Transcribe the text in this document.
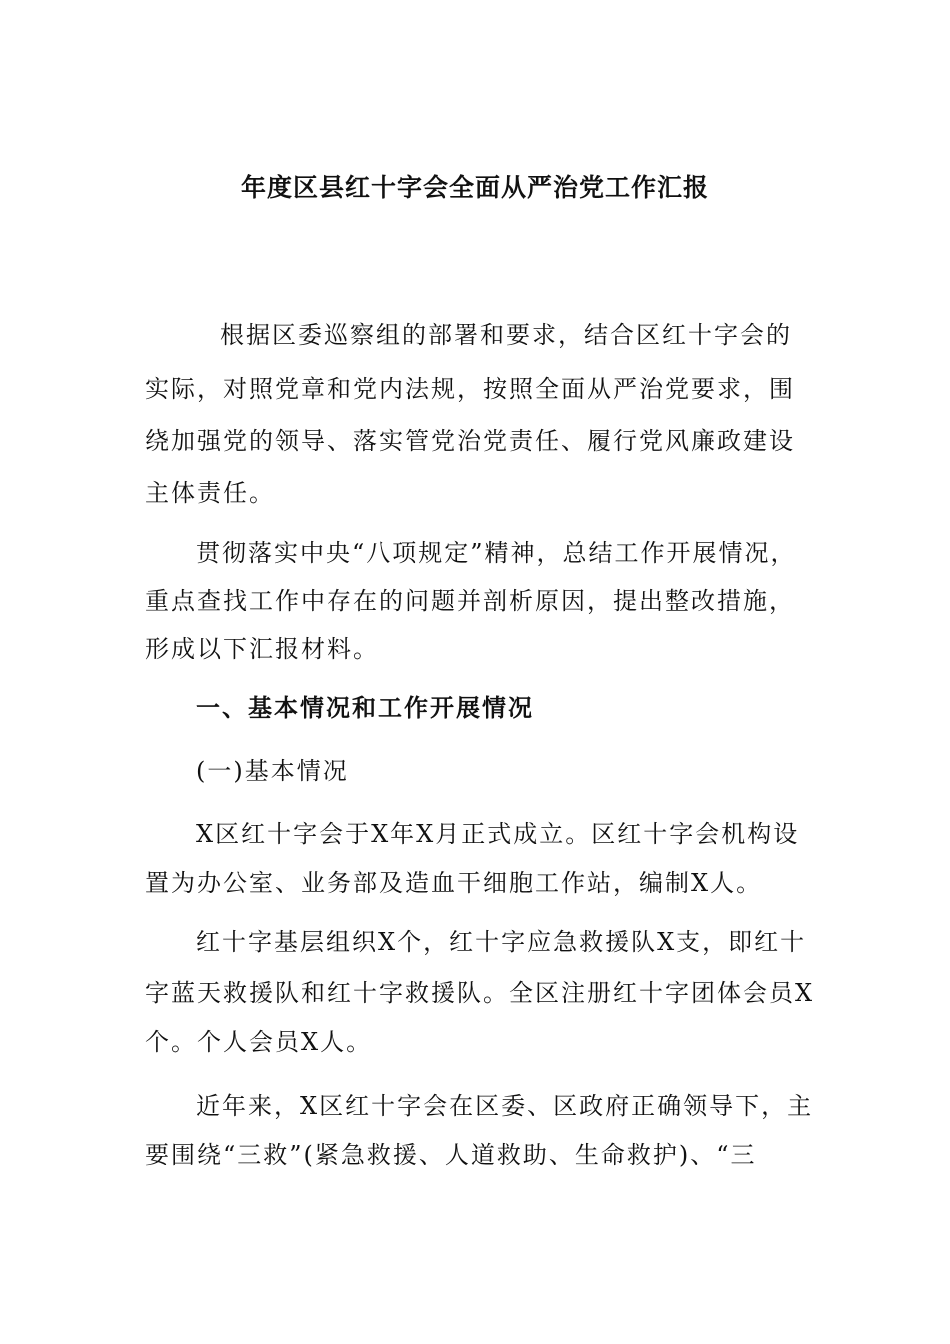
年度区县红十字会全面从严治党工作汇报
根据区委巡察组的部署和要求，结合区红十字会的
实际，对照党章和党内法规，按照全面从严治党要求，围
绕加强党的领导、落实管党治党责任、履行党风廉政建设
主体责任。
贯彻落实中央“八项规定”精神，总结工作开展情况，
重点查找工作中存在的问题并剖析原因，提出整改措施，
形成以下汇报材料。
一、基本情况和工作开展情况
(一)基本情况
X区红十字会于X年X月正式成立。区红十字会机构设
置为办公室、业务部及造血干细胞工作站，编制X人。
红十字基层组织X个，红十字应急救援队X支，即红十
字蓝天救援队和红十字救援队。全区注册红十字团体会员X
个。个人会员X人。
近年来，X区红十字会在区委、区政府正确领导下，主
要围绕“三救”(紧急救援、人道救助、生命救护)、“三
